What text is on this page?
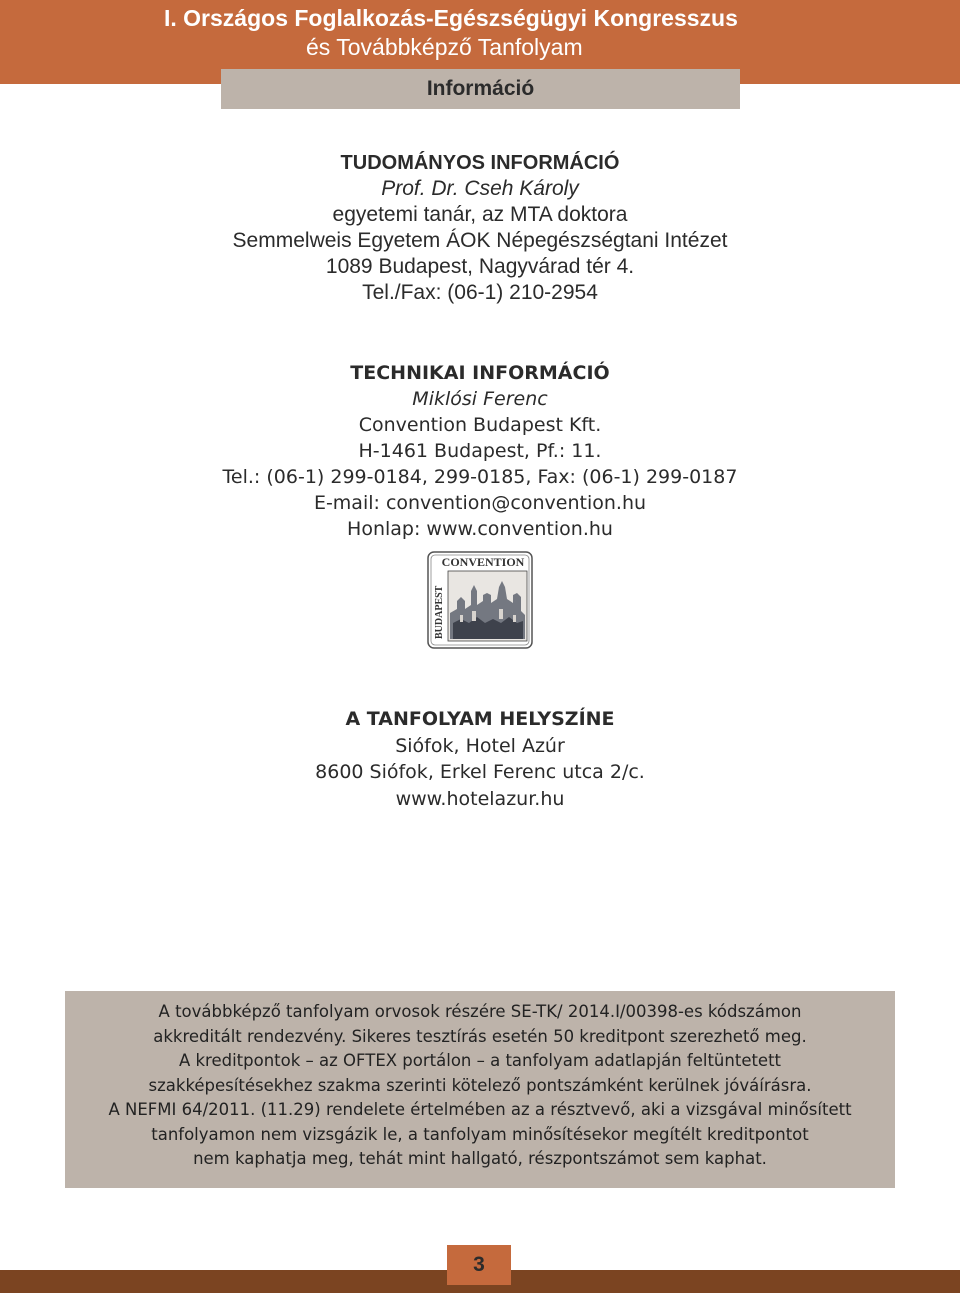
I. Országos Foglalkozás-Egészségügyi Kongresszus
és Továbbképző Tanfolyam
Információ
TUDOMÁNYOS INFORMÁCIÓ
Prof. Dr. Cseh Károly
egyetemi tanár, az MTA doktora
Semmelweis Egyetem ÁOK Népegészségtani Intézet
1089 Budapest, Nagyvárad tér 4.
Tel./Fax: (06-1) 210-2954
TECHNIKAI INFORMÁCIÓ
Miklósi Ferenc
Convention Budapest Kft.
H-1461 Budapest, Pf.: 11.
Tel.: (06-1) 299-0184, 299-0185, Fax: (06-1) 299-0187
E-mail: convention@convention.hu
Honlap: www.convention.hu
CONVENTION
BUDAPEST
A TANFOLYAM HELYSZÍNE
Siófok, Hotel Azúr
8600 Siófok, Erkel Ferenc utca 2/c.
www.hotelazur.hu
A továbbképző tanfolyam orvosok részére SE-TK/ 2014.I/00398-es kódszámon
akkreditált rendezvény. Sikeres tesztírás esetén 50 kreditpont szerezhető meg.
A kreditpontok – az OFTEX portálon – a tanfolyam adatlapján feltüntetett
szakképesítésekhez szakma szerinti kötelező pontszámként kerülnek jóváírásra.
A NEFMI 64/2011. (11.29) rendelete értelmében az a résztvevő, aki a vizsgával minősített
tanfolyamon nem vizsgázik le, a tanfolyam minősítésekor megítélt kreditpontot
nem kaphatja meg, tehát mint hallgató, részpontszámot sem kaphat.
3
